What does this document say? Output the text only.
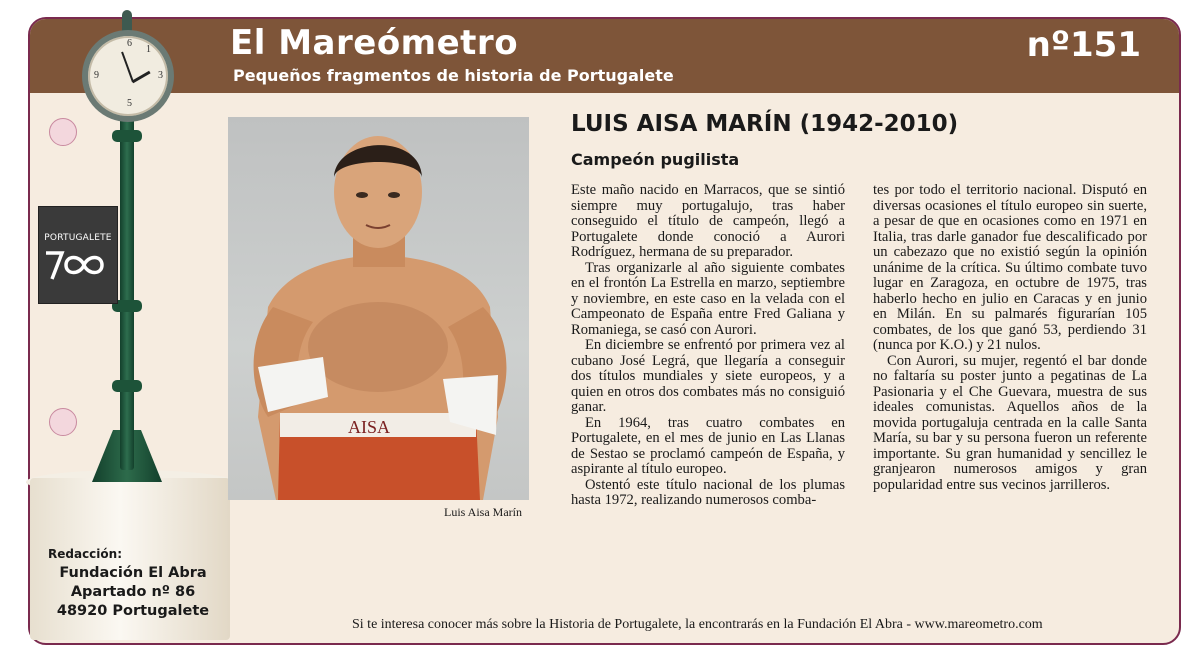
El Mareómetro
Pequeños fragmentos de historia de Portugalete
nº151
6
3
9
5
1
PORTUGALETE
Redacción:
Fundación El Abra
Apartado nº 86
48920 Portugalete
AISA
Luis Aisa Marín
LUIS AISA MARÍN (1942-2010)
Campeón pugilista

Este maño nacido en Marracos, que se sintió siempre muy portugalujo, tras haber conseguido el título de campeón, llegó a Portugalete donde conoció a Aurori Rodríguez, hermana de su preparador.

Tras organizarle al año siguiente combates en el frontón La Estrella en marzo, septiembre y noviembre, en este caso en la velada con el Campeonato de España entre Fred Galiana y Romaniega, se casó con Aurori.

En diciembre se enfrentó por primera vez al cubano José Legrá, que llegaría a conseguir dos títulos mundiales y siete europeos, y a quien en otros dos combates más no consiguió ganar.

En 1964, tras cuatro combates en Portugalete, en el mes de junio en Las Llanas de Sestao se proclamó campeón de España, y aspirante al título europeo.

Ostentó este título nacional de los plumas hasta 1972, realizando numerosos comba-

tes por todo el territorio nacional. Disputó en diversas ocasiones el título europeo sin suerte, a pesar de que en ocasiones como en 1971 en Italia, tras darle ganador fue descalificado por un cabezazo que no existió según la opinión unánime de la crítica. Su último combate tuvo lugar en Zaragoza, en octubre de 1975, tras haberlo hecho en julio en Caracas y en junio en Milán. En su palmarés figurarían 105 combates, de los que ganó 53, perdiendo 31 (nunca por K.O.) y 21 nulos.

Con Aurori, su mujer, regentó el bar donde no faltaría su poster junto a pegatinas de La Pasionaria y el Che Guevara, muestra de sus ideales comunistas. Aquellos años de la movida portugaluja centrada en la calle Santa María, su bar y su persona fueron un referente importante. Su gran humanidad y sencillez le granjearon numerosos amigos y gran popularidad entre sus vecinos jarrilleros.

Si te interesa conocer más sobre la Historia de Portugalete, la encontrarás en la Fundación El Abra - www.mareometro.com
